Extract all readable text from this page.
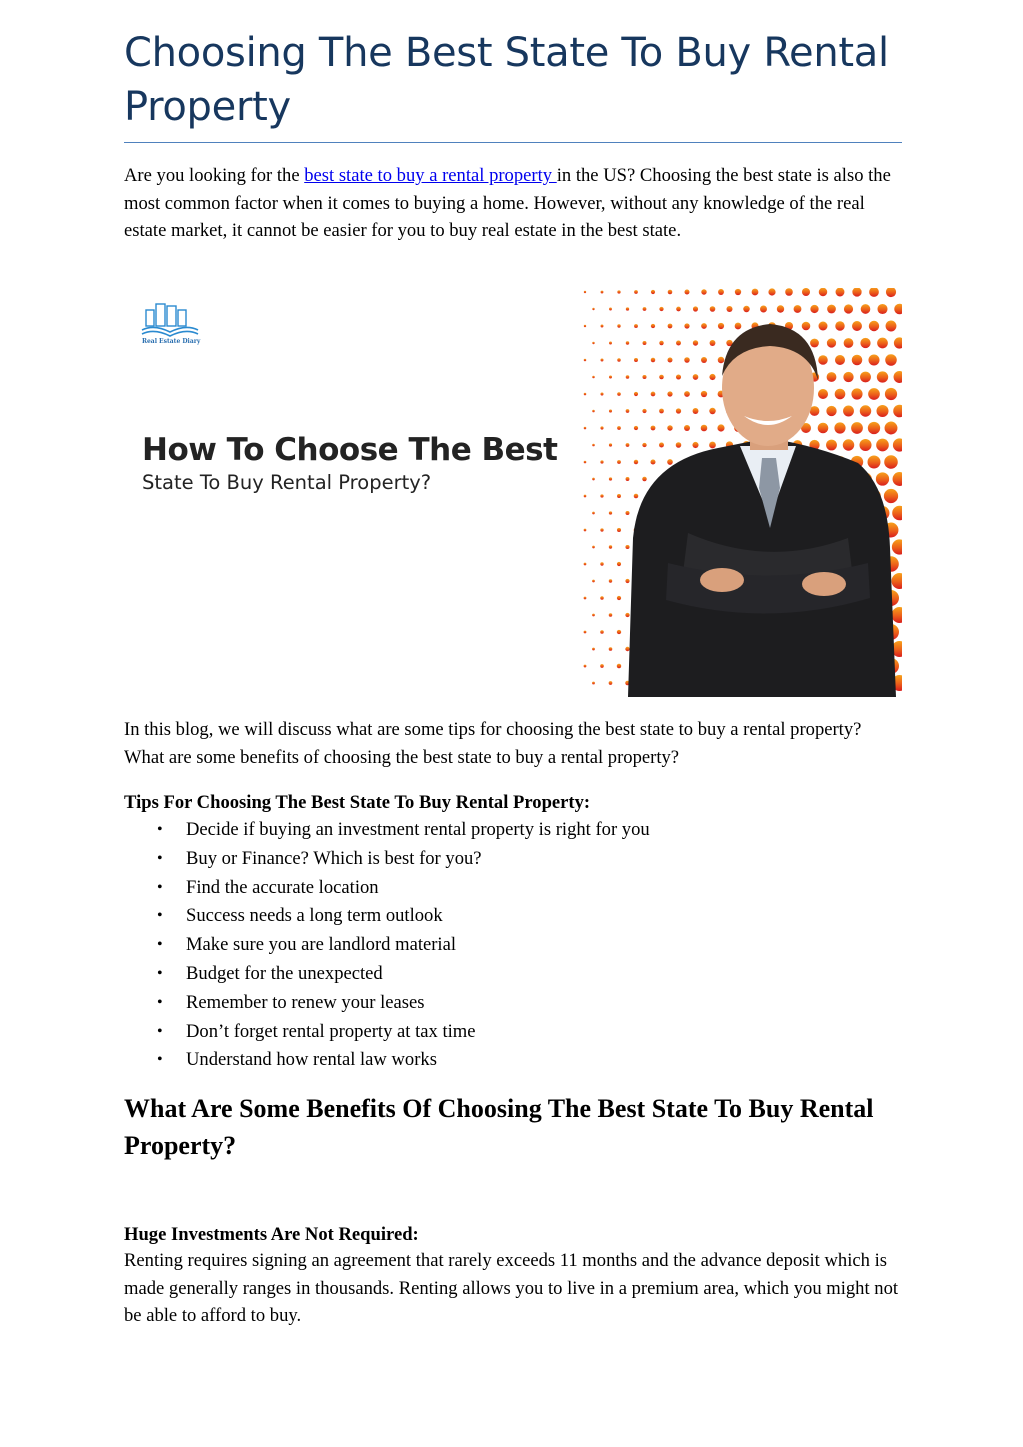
Choosing The Best State To Buy Rental Property

Are you looking for the best state to buy a rental property in the US? Choosing the best state is also the most common factor when it comes to buying a home. However, without any knowledge of the real estate market, it cannot be easier for you to buy real estate in the best state.

Real Estate Diary
How To Choose The Best
State To Buy Rental Property?

In this blog, we will discuss what are some tips for choosing the best state to buy a rental property? What are some benefits of choosing the best state to buy a rental property?

Tips For Choosing The Best State To Buy Rental Property:
• Decide if buying an investment rental property is right for you
• Buy or Finance? Which is best for you?
• Find the accurate location
• Success needs a long term outlook
• Make sure you are landlord material
• Budget for the unexpected
• Remember to renew your leases
• Don’t forget rental property at tax time
• Understand how rental law works
What Are Some Benefits Of Choosing The Best State To Buy Rental Property?
Huge Investments Are Not Required:

Renting requires signing an agreement that rarely exceeds 11 months and the advance deposit which is made generally ranges in thousands. Renting allows you to live in a premium area, which you might not be able to afford to buy.
